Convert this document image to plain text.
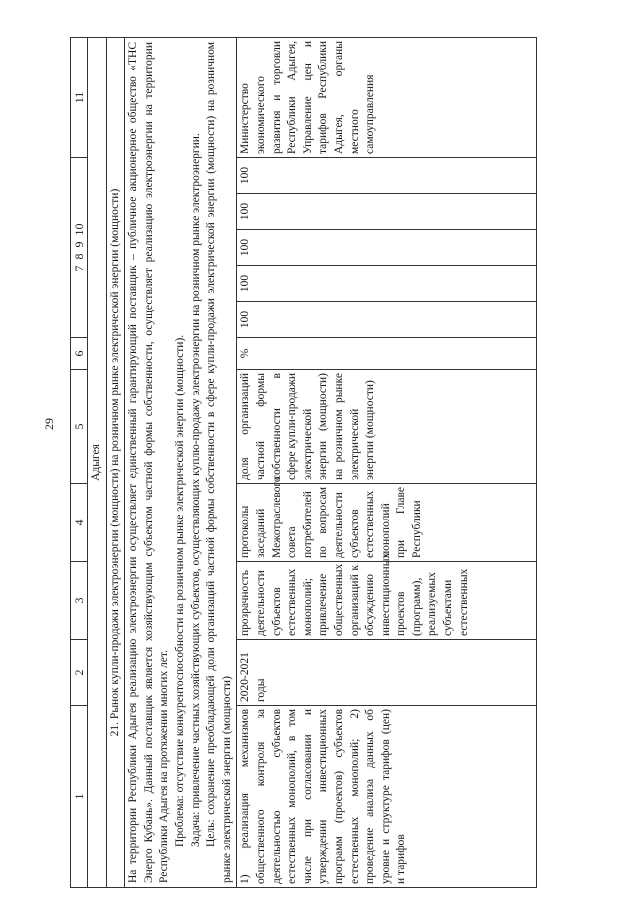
29
1	2	3	4	5	6	7  8  9  10					11
Адыгея											
21. Рынок купли-продажи электроэнергии (мощности) на розничном рынке электрической энергии (мощности)											

На территории Республики Адыгея реализацию электроэнергии осуществляет единственный гарантирующий поставщик – публичное акционерное общество «ТНС Энерго Кубань». Данный поставщик является хозяйствующим субъектом частной формы собственности, осуществляет реализацию электроэнергии на территории Республики Адыгея на протяжении многих лет. Проблема: отсутствие конкурентоспособности на розничном рынке электрической энергии (мощности). Задача: привлечение частных хозяйствующих субъектов, осуществляющих куплю-продажу электроэнергии на розничном рынке электроэнергии. Цель: сохранение преобладающей доли организаций частной формы собственности в сфере купли-продажи электрической энергии (мощности) на розничном рынке электрической энергии (мощности)											

1) реализация механизмов общественного контроля за деятельностью субъектов естественных монополий, в том числе при согласовании и утверждении инвестиционных программ (проектов) субъектов естественных монополий; 2) проведение анализа данных об уровне и структуре тарифов (цен) и тарифов	2020-2021 годы	прозрачность деятельности субъектов естественных монополий; привлечение общественных организаций к обсуждению инвестиционных проектов (программ), реализуемых субъектами естественных	протоколы заседаний Межотраслевого совета потребителей по вопросам деятельности субъектов естественных монополий при Главе Республики	доля организаций частной формы собственности в сфере купли-продажи электрической энергии (мощности) на розничном рынке электрической энергии (мощности)	%	100	100	100	100	100	Министерство экономического развития и торговли Республики Адыгея, Управление цен и тарифов Республики Адыгея, органы местного самоуправления
